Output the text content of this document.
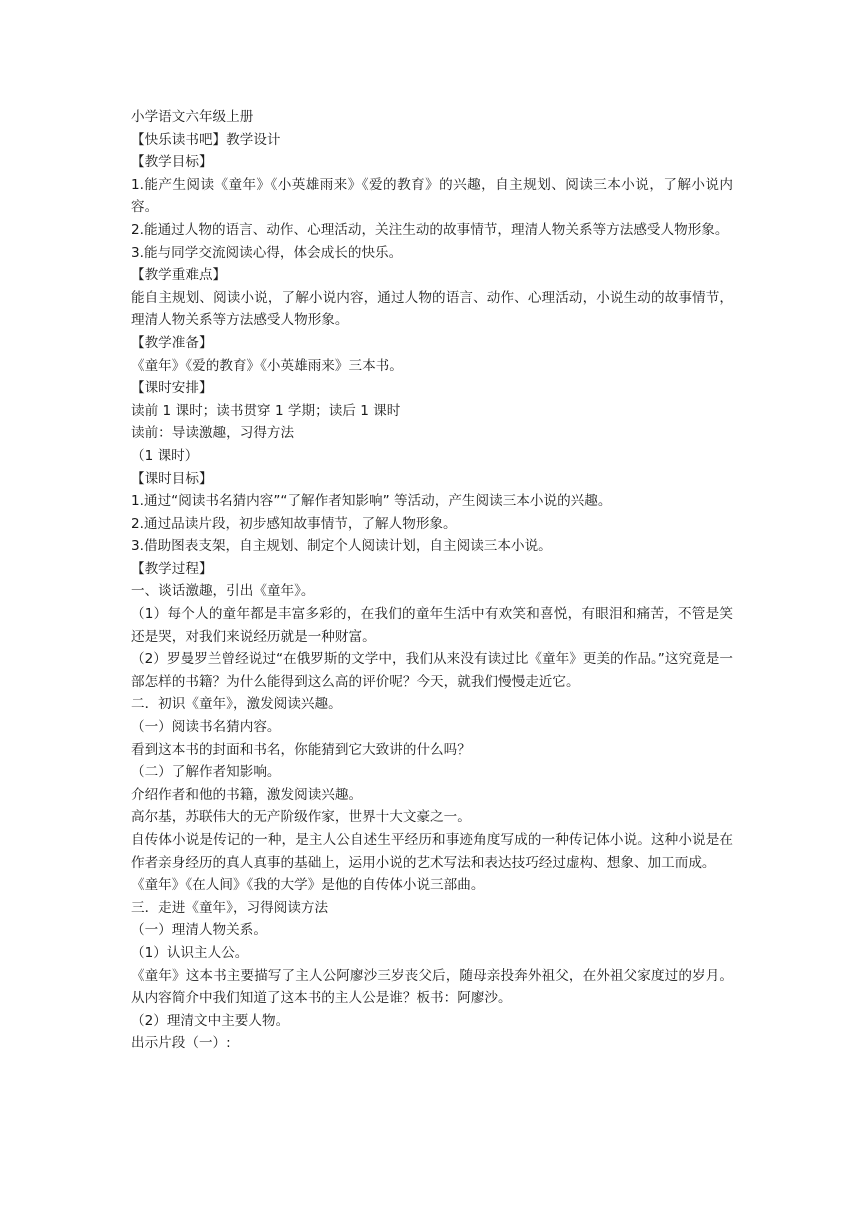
小学语文六年级上册

【快乐读书吧】教学设计

【教学目标】

1.能产生阅读《童年》《小英雄雨来》《爱的教育》的兴趣，自主规划、阅读三本小说，了解小说内容。

2.能通过人物的语言、动作、心理活动，关注生动的故事情节，理清人物关系等方法感受人物形象。

3.能与同学交流阅读心得，体会成长的快乐。

【教学重难点】

能自主规划、阅读小说，了解小说内容，通过人物的语言、动作、心理活动，小说生动的故事情节，理清人物关系等方法感受人物形象。

【教学准备】

《童年》《爱的教育》《小英雄雨来》三本书。

【课时安排】

读前 1 课时；读书贯穿 1 学期；读后 1 课时

读前：导读激趣，习得方法

（1 课时）

【课时目标】

1.通过“阅读书名猜内容”“了解作者知影响” 等活动，产生阅读三本小说的兴趣。

2.通过品读片段，初步感知故事情节，了解人物形象。

3.借助图表支架，自主规划、制定个人阅读计划，自主阅读三本小说。

【教学过程】

一、谈话激趣，引出《童年》。

（1）每个人的童年都是丰富多彩的，在我们的童年生活中有欢笑和喜悦，有眼泪和痛苦，不管是笑还是哭，对我们来说经历就是一种财富。

（2）罗曼罗兰曾经说过“在俄罗斯的文学中，我们从来没有读过比《童年》更美的作品。”这究竟是一部怎样的书籍？为什么能得到这么高的评价呢？今天，就我们慢慢走近它。

二．初识《童年》，激发阅读兴趣。

（一）阅读书名猜内容。

看到这本书的封面和书名，你能猜到它大致讲的什么吗？

（二）了解作者知影响。

介绍作者和他的书籍，激发阅读兴趣。

高尔基，苏联伟大的无产阶级作家，世界十大文豪之一。

自传体小说是传记的一种，是主人公自述生平经历和事迹角度写成的一种传记体小说。这种小说是在作者亲身经历的真人真事的基础上，运用小说的艺术写法和表达技巧经过虚构、想象、加工而成。

《童年》《在人间》《我的大学》是他的自传体小说三部曲。

三．走进《童年》，习得阅读方法

（一）理清人物关系。

（1）认识主人公。

《童年》这本书主要描写了主人公阿廖沙三岁丧父后，随母亲投奔外祖父，在外祖父家度过的岁月。从内容简介中我们知道了这本书的主人公是谁？板书：阿廖沙。

（2）理清文中主要人物。

出示片段（一）:
